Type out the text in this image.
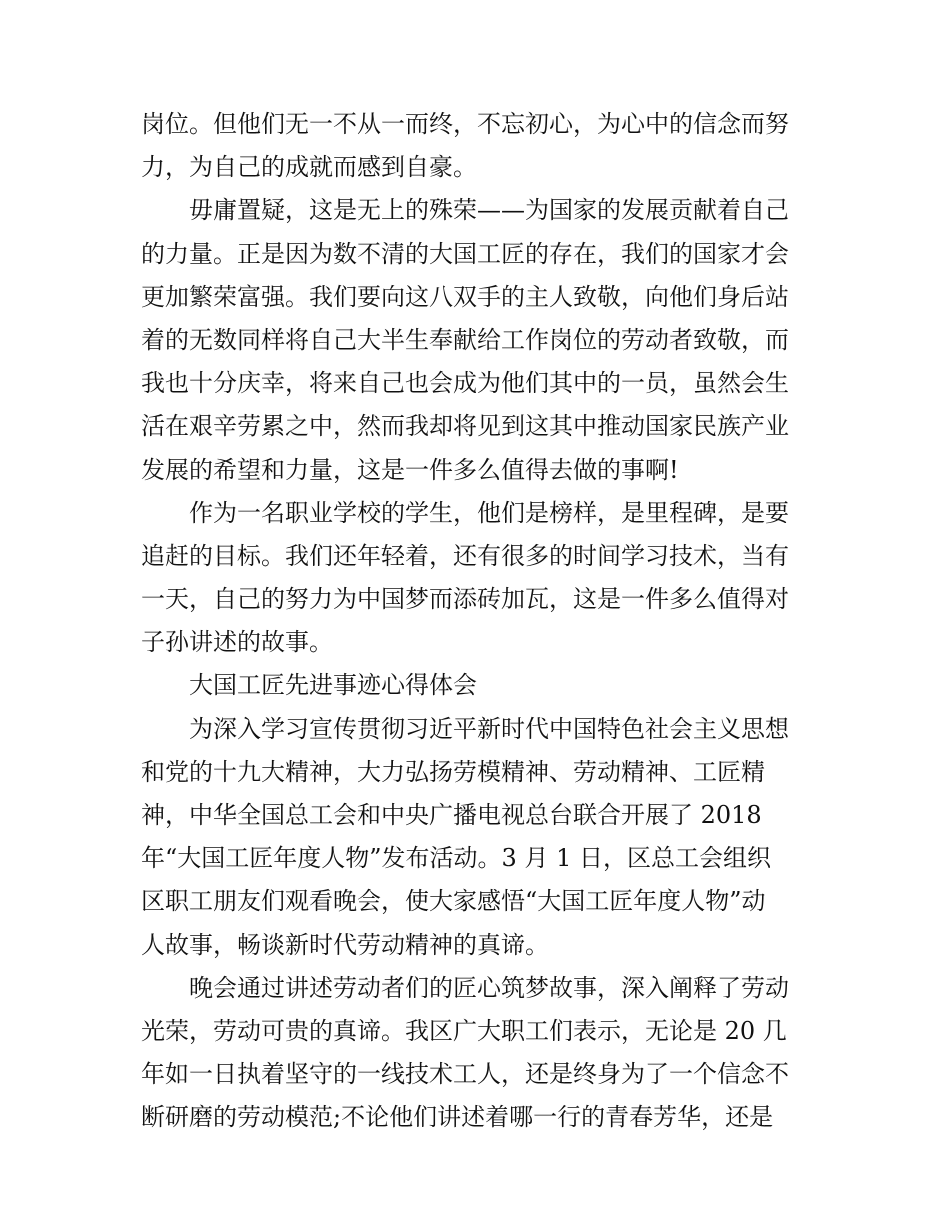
岗位。但他们无一不从一而终，不忘初心，为心中的信念而努
力，为自己的成就而感到自豪。
毋庸置疑，这是无上的殊荣——为国家的发展贡献着自己
的力量。正是因为数不清的大国工匠的存在，我们的国家才会
更加繁荣富强。我们要向这八双手的主人致敬，向他们身后站
着的无数同样将自己大半生奉献给工作岗位的劳动者致敬，而
我也十分庆幸，将来自己也会成为他们其中的一员，虽然会生
活在艰辛劳累之中，然而我却将见到这其中推动国家民族产业
发展的希望和力量，这是一件多么值得去做的事啊!
作为一名职业学校的学生，他们是榜样，是里程碑，是要
追赶的目标。我们还年轻着，还有很多的时间学习技术，当有
一天，自己的努力为中国梦而添砖加瓦，这是一件多么值得对
子孙讲述的故事。
大国工匠先进事迹心得体会
为深入学习宣传贯彻习近平新时代中国特色社会主义思想
和党的十九大精神，大力弘扬劳模精神、劳动精神、工匠精
神，中华全国总工会和中央广播电视总台联合开展了 2018
年“大国工匠年度人物”发布活动。3 月 1 日，区总工会组织
区职工朋友们观看晚会，使大家感悟“大国工匠年度人物”动
人故事，畅谈新时代劳动精神的真谛。
晚会通过讲述劳动者们的匠心筑梦故事，深入阐释了劳动
光荣，劳动可贵的真谛。我区广大职工们表示，无论是 20 几
年如一日执着坚守的一线技术工人，还是终身为了一个信念不
断研磨的劳动模范;不论他们讲述着哪一行的青春芳华，还是
